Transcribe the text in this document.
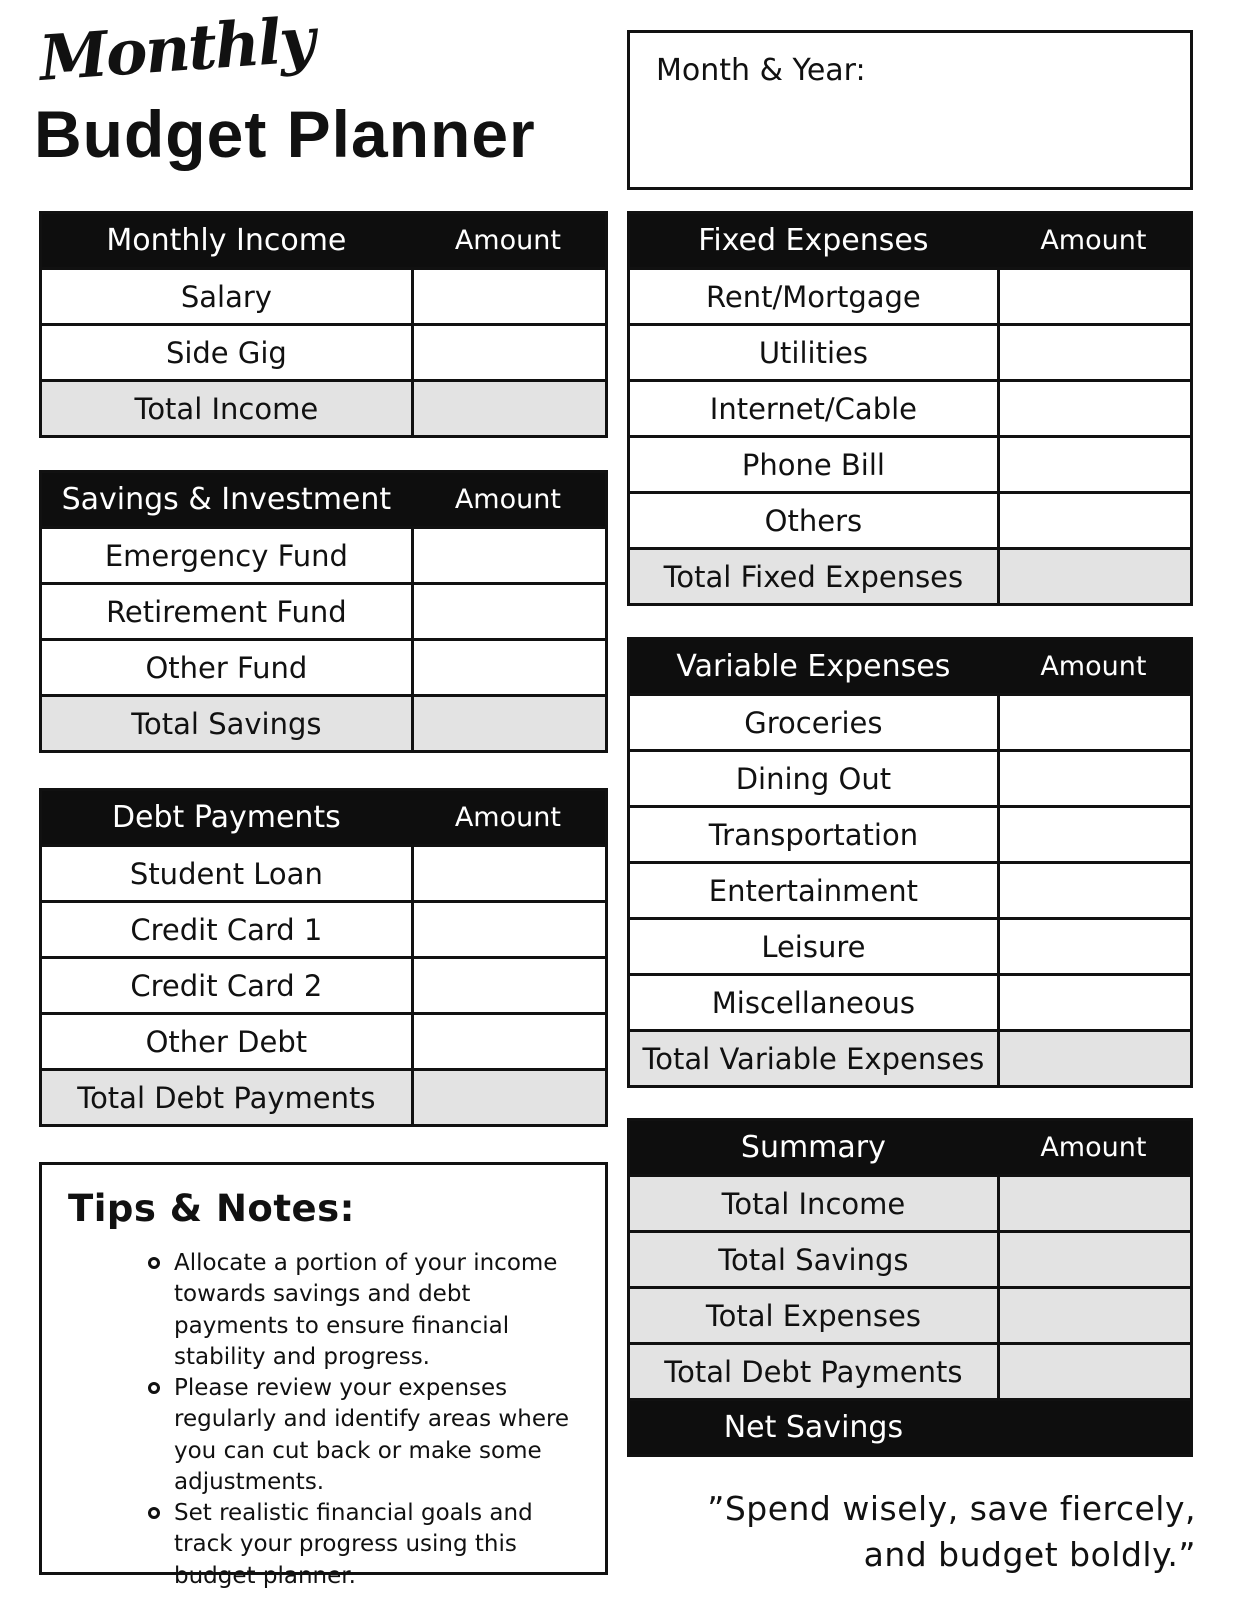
Monthly
Budget Planner
Month & Year:
Monthly Income	Amount
Salary
Side Gig
Total Income
Savings & Investment	Amount
Emergency Fund
Retirement Fund
Other Fund
Total Savings
Debt Payments	Amount
Student Loan
Credit Card 1
Credit Card 2
Other Debt
Total Debt Payments
Fixed Expenses	Amount
Rent/Mortgage
Utilities
Internet/Cable
Phone Bill
Others
Total Fixed Expenses
Variable Expenses	Amount
Groceries
Dining Out
Transportation
Entertainment
Leisure
Miscellaneous
Total Variable Expenses
Summary	Amount
Total Income
Total Savings
Total Expenses
Total Debt Payments
Net Savings
Tips & Notes:
Allocate a portion of your income towards savings and debt payments to ensure financial stability and progress.
Please review your expenses regularly and identify areas where you can cut back or make some adjustments.
Set realistic financial goals and track your progress using this budget planner.
”Spend wisely, save fiercely, and budget boldly.”
